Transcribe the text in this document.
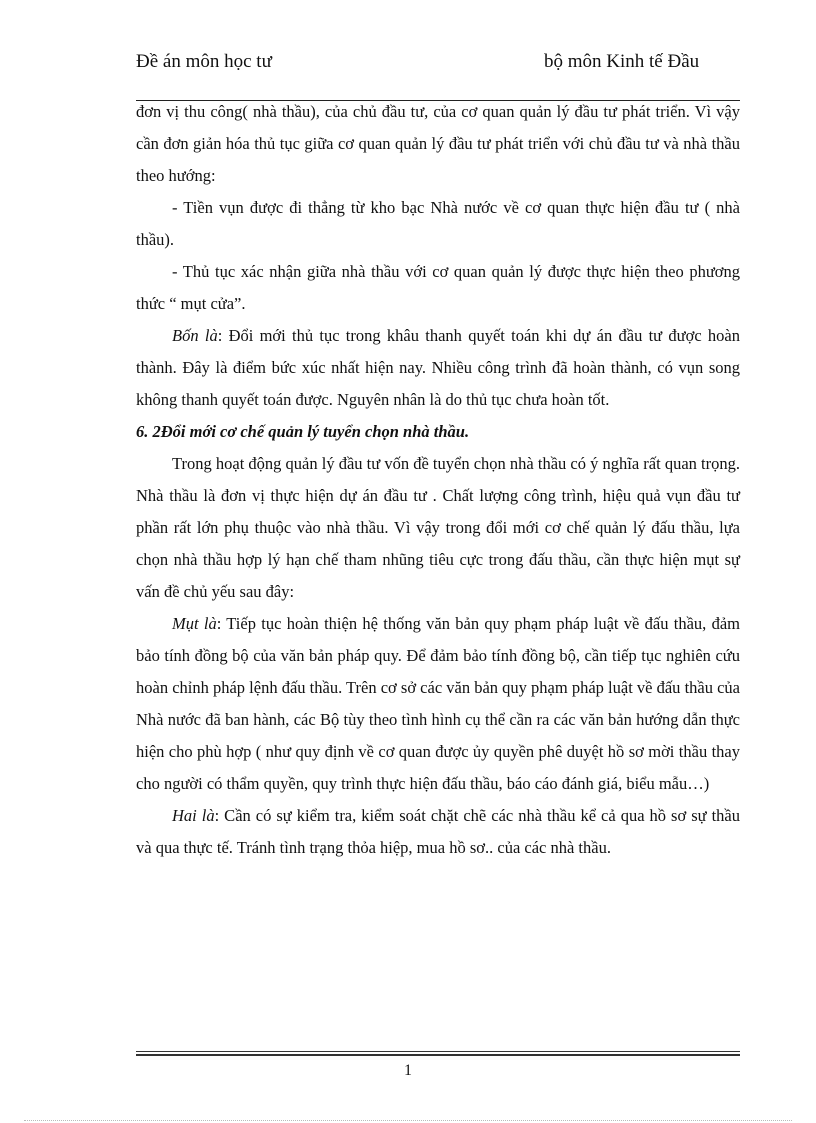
Đề án môn học tư	bộ môn Kinh tế Đầu

đơn vị thu công( nhà thầu), của chủ đầu tư, của cơ quan quản lý đầu tư phát triển. Vì vậy cần đơn giản hóa thủ tục giữa cơ quan quản lý đầu tư phát triển với chủ đầu tư và nhà thầu theo hướng:

- Tiền vụn được đi thẳng từ kho bạc Nhà nước về cơ quan thực hiện đầu tư ( nhà thầu).

- Thủ tục xác nhận giữa nhà thầu với cơ quan quản lý được thực hiện theo phương thức “ mụt cửa”.

Bốn là: Đổi mới thủ tục trong khâu thanh quyết toán khi dự án đầu tư được hoàn thành. Đây là điểm bức xúc nhất hiện nay. Nhiều công trình đã hoàn thành, có vụn song không thanh quyết toán được. Nguyên nhân là do thủ tục chưa hoàn tốt.

6. 2Đổi mới cơ chế quản lý tuyển chọn nhà thầu.

Trong hoạt động quản lý đầu tư vốn đề tuyển chọn nhà thầu có ý nghĩa rất quan trọng. Nhà thầu là đơn vị thực hiện dự án đầu tư . Chất lượng công trình, hiệu quả vụn đầu tư phần rất lớn phụ thuộc vào nhà thầu. Vì vậy trong đổi mới cơ chế quản lý đấu thầu, lựa chọn nhà thầu hợp lý hạn chế tham nhũng tiêu cực trong đấu thầu, cần thực hiện mụt sự vấn đề chủ yếu sau đây:

Mụt là: Tiếp tục hoàn thiện hệ thống văn bản quy phạm pháp luật về đấu thầu, đảm bảo tính đồng bộ của văn bản pháp quy. Để đảm bảo tính đồng bộ, cần tiếp tục nghiên cứu hoàn chỉnh pháp lệnh đấu thầu. Trên cơ sở các văn bản quy phạm pháp luật về đấu thầu của Nhà nước đã ban hành, các Bộ tùy theo tình hình cụ thể cần ra các văn bản hướng dẫn thực hiện cho phù hợp ( như quy định về cơ quan được ủy quyền phê duyệt hồ sơ mời thầu thay cho người có thẩm quyền, quy trình thực hiện đấu thầu, báo cáo đánh giá, biểu mẫu…)

Hai là: Cần có sự kiểm tra, kiểm soát chặt chẽ các nhà thầu kể cả qua hồ sơ sự thầu và qua thực tế. Tránh tình trạng thỏa hiệp, mua hồ sơ.. của các nhà thầu.

1
